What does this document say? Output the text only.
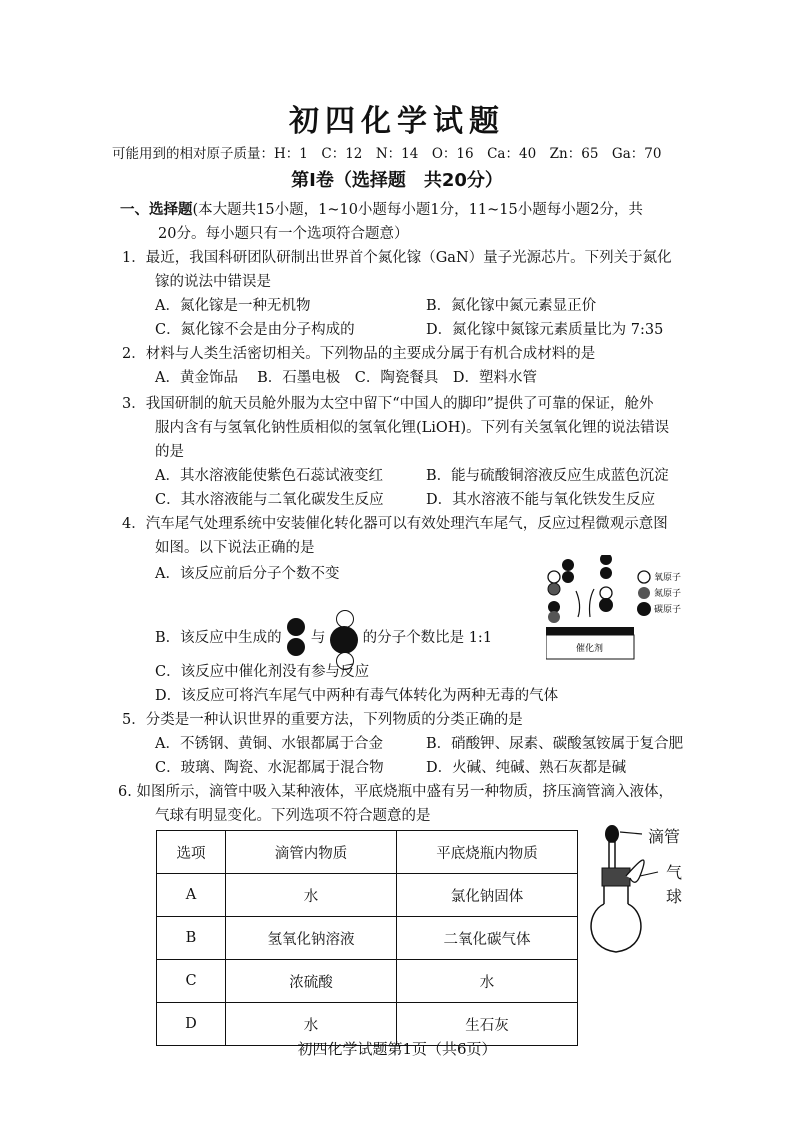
初四化学试题
可能用到的相对原子质量：H：1　C：12　N：14　O：16　Ca：40　Zn：65　Ga：70
第Ⅰ卷（选择题　共20分）
一、选择题(本大题共15小题，1~10小题每小题1分，11~15小题每小题2分，共
20分。每小题只有一个选项符合题意）
1．最近，我国科研团队研制出世界首个氮化镓（GaN）量子光源芯片。下列关于氮化
镓的说法中错误是
A．氮化镓是一种无机物	B．氮化镓中氮元素显正价
C．氮化镓不会是由分子构成的	D．氮化镓中氮镓元素质量比为 7:35
2．材料与人类生活密切相关。下列物品的主要成分属于有机合成材料的是
A．黄金饰品　 B．石墨电极　C．陶瓷餐具　D．塑料水管
3．我国研制的航天员舱外服为太空中留下“中国人的脚印”提供了可靠的保证，舱外
服内含有与氢氧化钠性质相似的氢氧化锂(LiOH)。下列有关氢氧化锂的说法错误
的是
A．其水溶液能使紫色石蕊试液变红	B．能与硫酸铜溶液反应生成蓝色沉淀
C．其水溶液能与二氧化碳发生反应	D．其水溶液不能与氧化铁发生反应
4．汽车尾气处理系统中安装催化转化器可以有效处理汽车尾气，反应过程微观示意图
如图。以下说法正确的是
A．该反应前后分子个数不变
B．该反应中生成的 与	的分子个数比是 1:1
C．该反应中催化剂没有参与反应
D．该反应可将汽车尾气中两种有毒气体转化为两种无毒的气体
催化剂
氧原子
氮原子
碳原子
5．分类是一种认识世界的重要方法，下列物质的分类正确的是
A．不锈钢、黄铜、水银都属于合金	B．硝酸钾、尿素、碳酸氢铵属于复合肥
C．玻璃、陶瓷、水泥都属于混合物	D．火碱、纯碱、熟石灰都是碱
6. 如图所示，滴管中吸入某种液体，平底烧瓶中盛有另一种物质，挤压滴管滴入液体，
气球有明显变化。下列选项不符合题意的是
选项	滴管内物质	平底烧瓶内物质
A	水	氯化钠固体
B	氢氧化钠溶液	二氧化碳气体
C	浓硫酸	水
D	水	生石灰
滴管
气
球
初四化学试题第1页（共6页）
